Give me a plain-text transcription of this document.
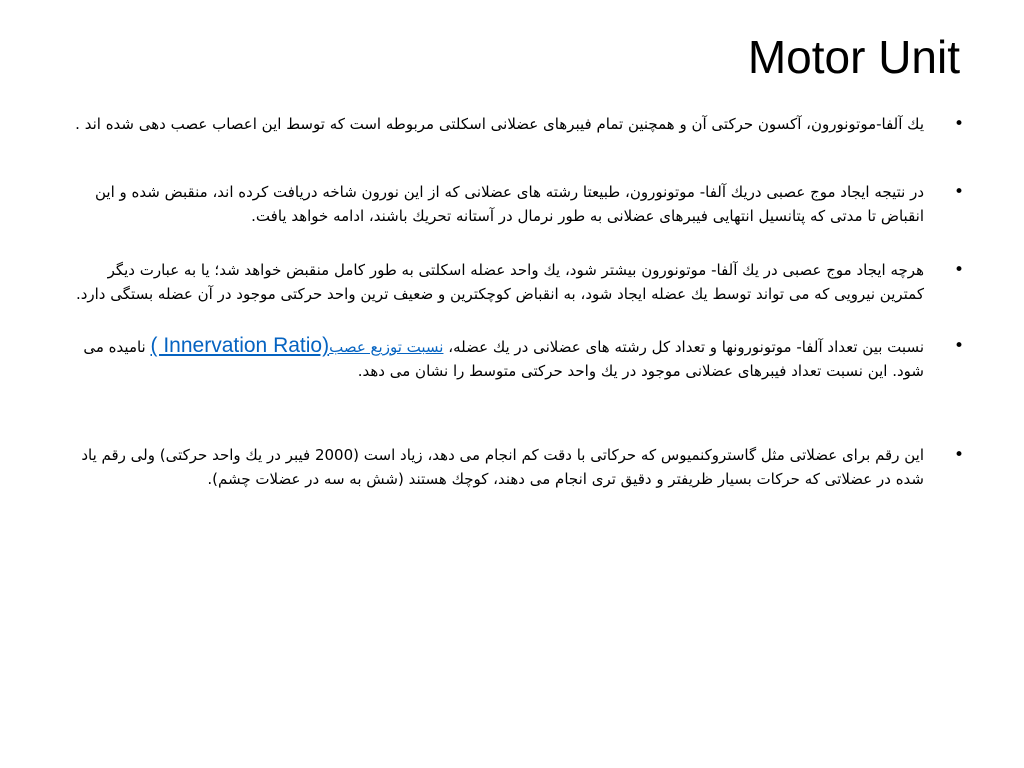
Motor Unit
• يك آلفا-موتونورون، آكسون حركتی آن و همچنين تمام فيبرهای عضلانی اسكلتی مربوطه است كه توسط اين اعصاب عصب دهی شده اند .
• در نتيجه ايجاد موج عصبی دريك آلفا- موتونورون، طبيعتا رشته های عضلانی كه از اين نورون شاخه دريافت كرده اند، منقبض شده و اين انقباض تا مدتی كه پتانسيل انتهايی فيبرهای عضلانی به طور نرمال در آستانه تحريك باشند، ادامه خواهد يافت.
• هرچه ايجاد موج عصبی در يك آلفا- موتونورون بيشتر شود، يك واحد عضله اسكلتی به طور كامل منقبض خواهد شد؛ يا به عبارت ديگر كمترين نيرويی كه می تواند توسط يك عضله ايجاد شود، به انقباض كوچكترين و ضعيف ترين واحد حركتی موجود در آن عضله بستگی دارد.
• نسبت بين تعداد آلفا- موتونورونها و تعداد كل رشته های عضلانی در يك عضله، نسبت توزيع عصب( Innervation Ratio) ناميده می شود. اين نسبت تعداد فيبرهای عضلانی موجود در يك واحد حركتی متوسط را نشان می دهد.
• اين رقم برای عضلاتی مثل گاستروكنميوس كه حركاتی با دقت كم انجام می دهد، زياد است (2000 فيبر در يك واحد حركتی) ولی رقم ياد شده در عضلاتی كه حركات بسيار ظريفتر و دقيق تری انجام می دهند، كوچك هستند (شش به سه در عضلات چشم).
